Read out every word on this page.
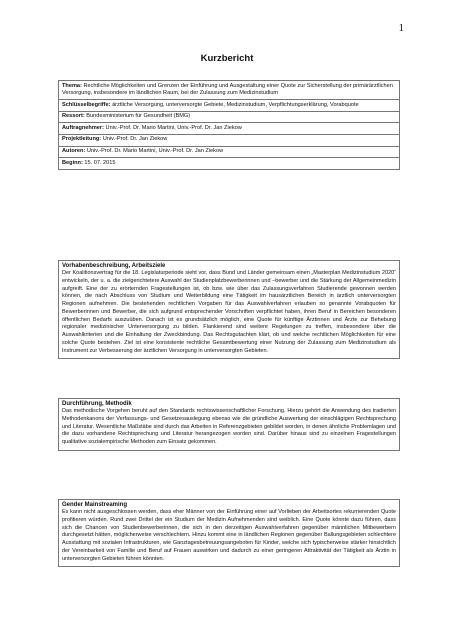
1
Kurzbericht
Thema: Rechtliche Möglichkeiten und Grenzen der Einführung und Ausgestaltung einer Quote zur Sicherstellung der primärärztlichen Versorgung, insbesondere im ländlichen Raum, bei der Zulassung zum Medizinstudium
Schlüsselbegriffe: ärztliche Versorgung, unterversorgte Gebiete, Medizinstudium, Verpflichtungserklärung, Vorabquote
Ressort: Bundesministerium für Gesundheit (BMG)
Auftragnehmer: Univ.-Prof. Dr. Mario Martini, Univ.-Prof. Dr. Jan Ziekow
Projektleitung: Univ.-Prof. Dr. Jan Ziekow
Autoren: Univ.-Prof. Dr. Mario Martini, Univ.-Prof. Dr. Jan Ziekow
Beginn: 15. 07. 2015
Vorhabenbeschreibung, Arbeitsziele
Der Koalitionsvertrag für die 18. Legislaturperiode sieht vor, dass Bund und Länder gemeinsam einen „Masterplan Medizinstudium 2020“ entwickeln, der u. a. die zielgerichtetere Auswahl der Studienplatzbewerberinnen und –bewerber und die Stärkung der Allgemeinmedizin aufgreift. Eine der zu erörternden Fragestellungen ist, ob bzw. wie über das Zulassungsverfahren Studierende gewonnen werden können, die nach Abschluss von Studium und Weiterbildung eine Tätigkeit im hausärztlichen Bereich in ärztlich unterversorgten Regionen aufnehmen. Die bestehenden rechtlichen Vorgaben für das Auswahlverfahren erlauben so genannte Vorabquoten für Bewerberinnen und Bewerber, die sich aufgrund entsprechender Vorschriften verpflichtet haben, ihren Beruf in Bereichen besonderen öffentlichen Bedarfs auszuüben. Danach ist es grundsätzlich möglich, eine Quote für künftige Ärztinnen und Ärzte zur Behebung regionaler medizinischer Unterversorgung zu bilden. Flankierend sind weitere Regelungen zu treffen, insbesondere über die Auswahlkriterien und die Einhaltung der Zweckbindung. Das Rechtsgutachten klärt, ob und welche rechtlichen Möglichkeiten für eine solche Quote bestehen. Ziel ist eine konsistente rechtliche Gesamtbewertung einer Nutzung der Zulassung zum Medizinstudium als Instrument zur Verbesserung der ärztlichen Versorgung in unterversorgten Gebieten.
Durchführung, Methodik
Das methodische Vorgehen beruht auf den Standards rechtswissenschaftlicher Forschung. Hierzu gehört die Anwendung des tradierten Methodenkanons der Verfassungs- und Gesetzesauslegung ebenso wie die gründliche Auswertung der einschlägigen Rechtsprechung und Literatur. Wesentliche Maßstäbe sind durch das Arbeiten in Referenzgebieten gebildet worden, in denen ähnliche Problemlagen und die dazu vorhandene Rechtsprechung und Literatur herangezogen worden sind. Darüber hinaus sind zu einzelnen Fragestellungen qualitative sozialempirische Methoden zum Einsatz gekommen.
Gender Mainstreaming
Es kann nicht ausgeschlossen werden, dass eher Männer von der Einführung einer auf Vorlieben der Arbeitsortes rekurrierenden Quote profitieren würden. Rund zwei Drittel der ein Studium der Medizin Aufnehmenden sind weiblich. Eine Quote könnte dazu führen, dass sich die Chancen von Studienbewerberinnen, die sich in den derzeitigen Auswahlverfahren gegenüber männlichen Mitbewerbern durchgesetzt hätten, möglicherweise verschlechtern. Hinzu kommt eine in ländlichen Regionen gegenüber Ballungsgebieten schlechtere Ausstattung mit sozialen Infrastrukturen, wie Ganztagesbetreuungsangeboten für Kinder, welche sich typischerweise stärker hinsichtlich der Vereinbarkeit von Familie und Beruf auf Frauen auswirken und dadurch zu einer geringeren Attraktivität der Tätigkeit als Ärztin in unterversorgten Gebieten führen könnten.
